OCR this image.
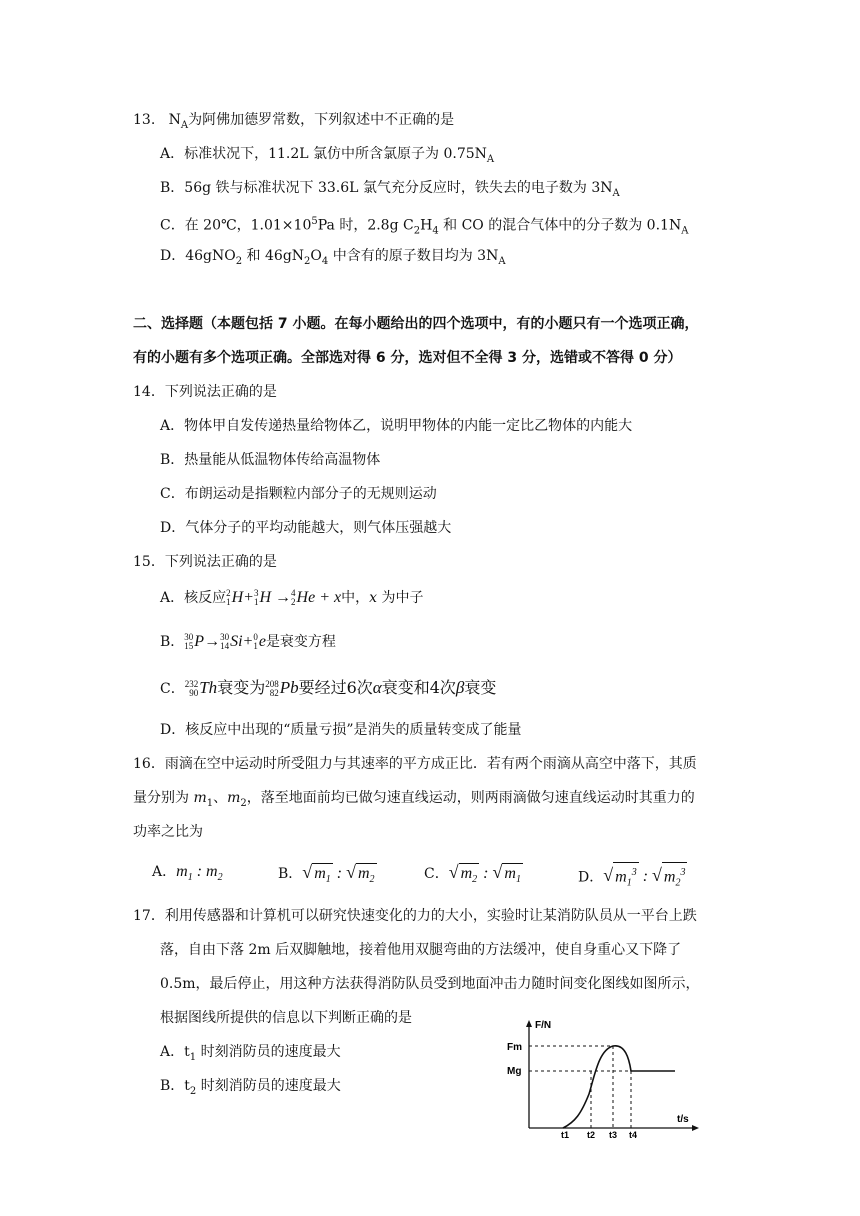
13. $N_A$为阿佛加德罗常数，下列叙述中不正确的是
A．标准状况下，11.2L 氯仿中所含氯原子为 $0.75N_A$
B．56g 铁与标准状况下 33.6L 氯气充分反应时，铁失去的电子数为 $3N_A$
C．在 20℃，$1.01\times 10^5Pa$ 时，2.8g $C_2H_4$ 和 CO 的混合气体中的分子数为 $0.1N_A$
D．46gNO$_2$ 和 $46gN_2O_4$ 中含有的原子数目均为 $3N_A$
二、选择题（本题包括 7 小题。在每小题给出的四个选项中，有的小题只有一个选项正确，
有的小题有多个选项正确。全部选对得 6 分，选对但不全得 3 分，选错或不答得 0 分）
14．下列说法正确的是
A．物体甲自发传递热量给物体乙，说明甲物体的内能一定比乙物体的内能大
B．热量能从低温物体传给高温物体
C．布朗运动是指颗粒内部分子的无规则运动
D．气体分子的平均动能越大，则气体压强越大
15．下列说法正确的是
A．核反应2
1H+3
1H →4
2He + x中，x 为中子
B．30
15P→30
14Si+0
1e是衰变方程
C．232
90Th衰变为208
82Pb要经过6次α衰变和4次β衰变
D．核反应中出现的“质量亏损”是消失的质量转变成了能量
16．雨滴在空中运动时所受阻力与其速率的平方成正比．若有两个雨滴从高空中落下，其质
量分别为 $m_1$、$m_2$，落至地面前均已做匀速直线运动，则两雨滴做匀速直线运动时其重力的
功率之比为
A．$m_1$ : $m_2$	B．√ $m_1$ : √ $m_2$	C．√ $m_2$ : √ $m_1$	D．√ $m_1^3$ : √ $m_2^3$
17．利用传感器和计算机可以研究快速变化的力的大小，实验时让某消防队员从一平台上跌
落，自由下落 2m 后双脚触地，接着他用双腿弯曲的方法缓冲，使自身重心又下降了
0.5m，最后停止，用这种方法获得消防队员受到地面冲击力随时间变化图线如图所示，
根据图线所提供的信息以下判断正确的是
A．$t_1$ 时刻消防员的速度最大
B．$t_2$ 时刻消防员的速度最大
F/N
t/s
Fm
Mg
t1 t2 t3 t4
